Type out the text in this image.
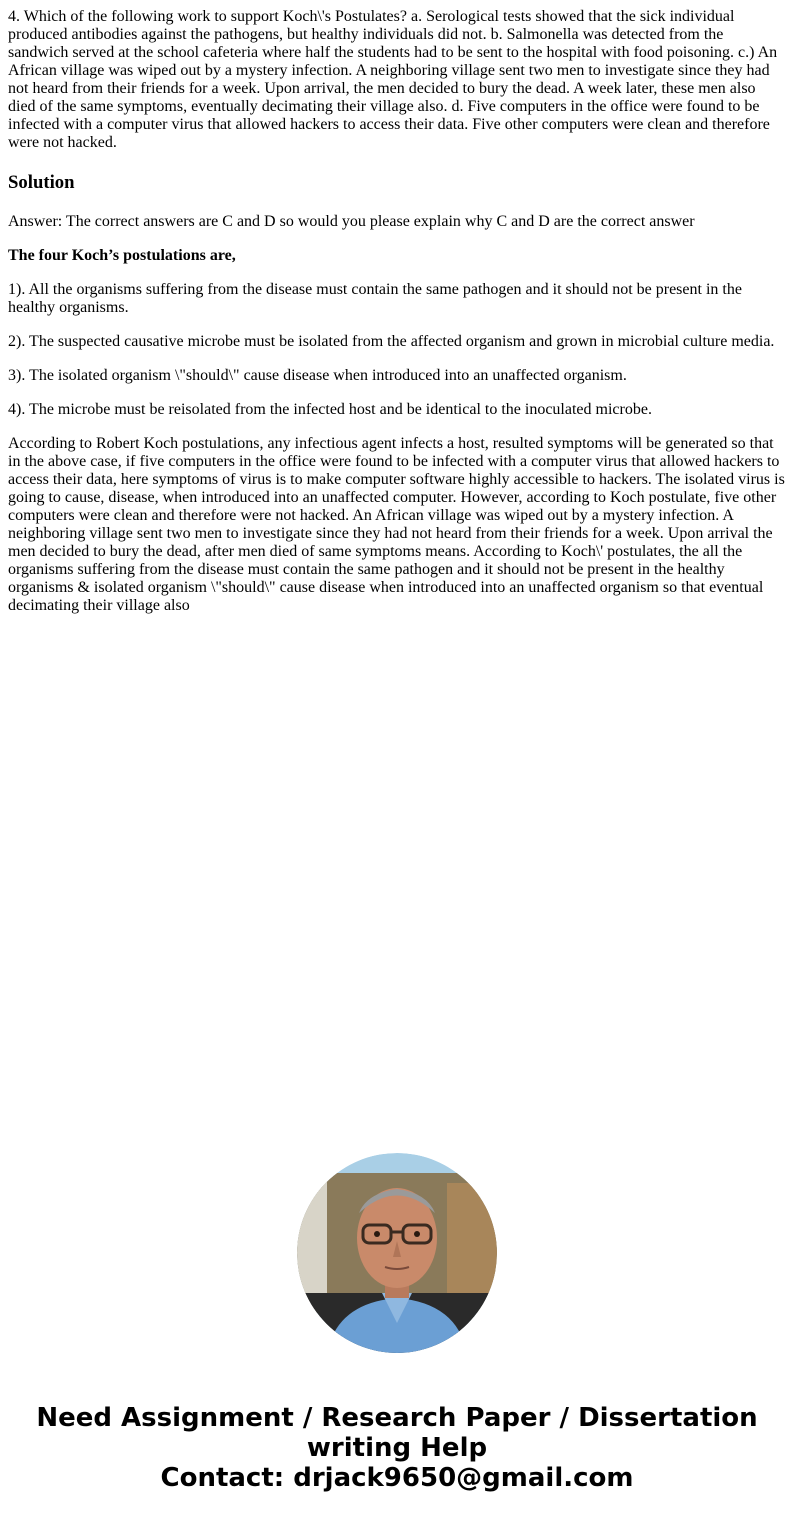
4. Which of the following work to support Koch\'s Postulates? a. Serological tests showed that the sick individual produced antibodies against the pathogens, but healthy individuals did not. b. Salmonella was detected from the sandwich served at the school cafeteria where half the students had to be sent to the hospital with food poisoning. c.) An African village was wiped out by a mystery infection. A neighboring village sent two men to investigate since they had not heard from their friends for a week. Upon arrival, the men decided to bury the dead. A week later, these men also died of the same symptoms, eventually decimating their village also. d. Five computers in the office were found to be infected with a computer virus that allowed hackers to access their data. Five other computers were clean and therefore were not hacked.
Solution

Answer: The correct answers are C and D so would you please explain why C and D are the correct answer

The four Koch’s postulations are,

1). All the organisms suffering from the disease must contain the same pathogen and it should not be present in the healthy organisms.

2). The suspected causative microbe must be isolated from the affected organism and grown in microbial culture media.

3). The isolated organism \"should\" cause disease when introduced into an unaffected organism.

4). The microbe must be reisolated from the infected host and be identical to the inoculated microbe.

According to Robert Koch postulations, any infectious agent infects a host, resulted symptoms will be generated so that in the above case, if five computers in the office were found to be infected with a computer virus that allowed hackers to access their data, here symptoms of virus is to make computer software highly accessible to hackers. The isolated virus is going to cause, disease, when introduced into an unaffected computer. However, according to Koch postulate, five other computers were clean and therefore were not hacked. An African village was wiped out by a mystery infection. A neighboring village sent two men to investigate since they had not heard from their friends for a week. Upon arrival the men decided to bury the dead, after men died of same symptoms means. According to Koch\' postulates, the all the organisms suffering from the disease must contain the same pathogen and it should not be present in the healthy organisms & isolated organism \"should\" cause disease when introduced into an unaffected organism so that eventual decimating their village also

Need Assignment / Research Paper / Dissertation
writing Help
Contact: drjack9650@gmail.com
